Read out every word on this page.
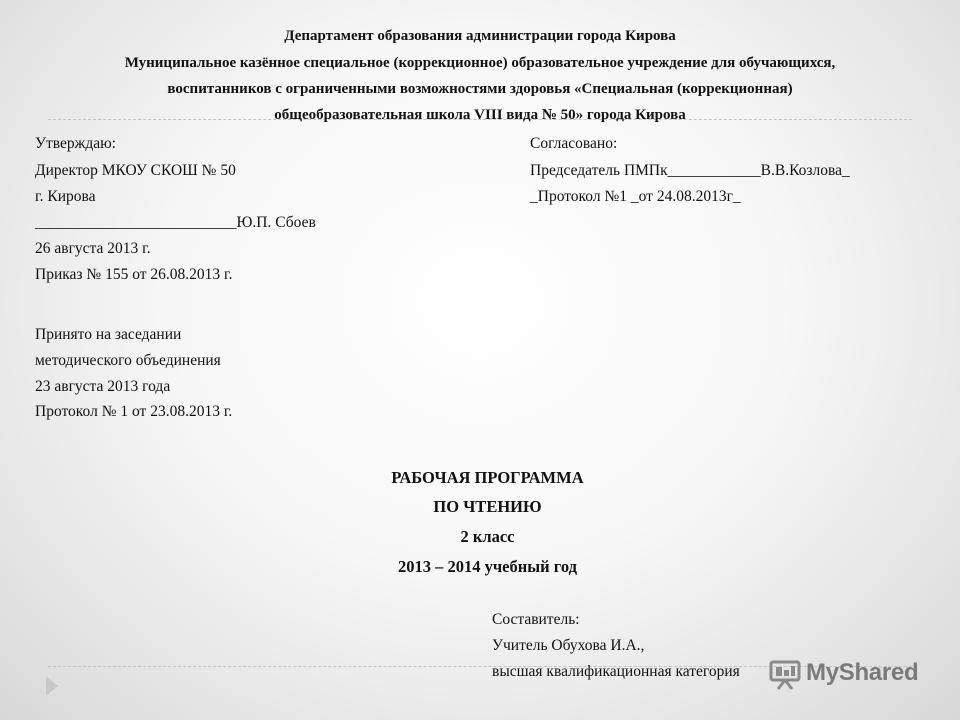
Департамент образования администрации города Кирова
Муниципальное казённое специальное (коррекционное) образовательное учреждение для обучающихся,
воспитанников с ограниченными возможностями здоровья «Специальная (коррекционная)
общеобразовательная школа VIII вида № 50» города Кирова
Утверждаю:
Директор МКОУ СКОШ № 50
г. Кирова
__________________________Ю.П. Сбоев
26 августа 2013 г.
Приказ № 155 от 26.08.2013 г.
Согласовано:
Председатель ПМПк____________В.В.Козлова_
_Протокол №1 _от 24.08.2013г_
Принято на заседании
методического объединения
23 августа 2013 года
Протокол № 1 от 23.08.2013 г.
РАБОЧАЯ ПРОГРАММА
ПО ЧТЕНИЮ
2 класс
2013 – 2014 учебный год
Составитель:
Учитель Обухова И.А.,
высшая квалификационная категория	MyShared
